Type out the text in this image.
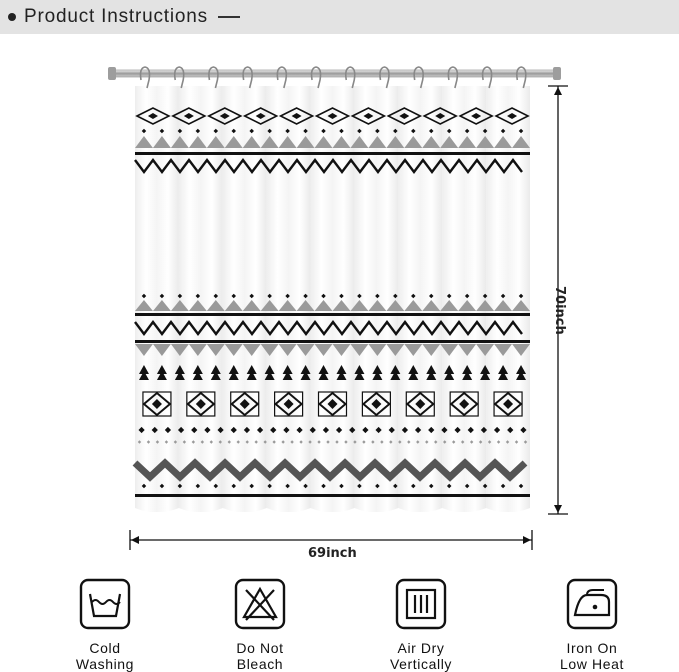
Product Instructions
69inch
70inch
Cold
Washing
Do Not
Bleach
Air Dry
Vertically
Iron On
Low Heat
